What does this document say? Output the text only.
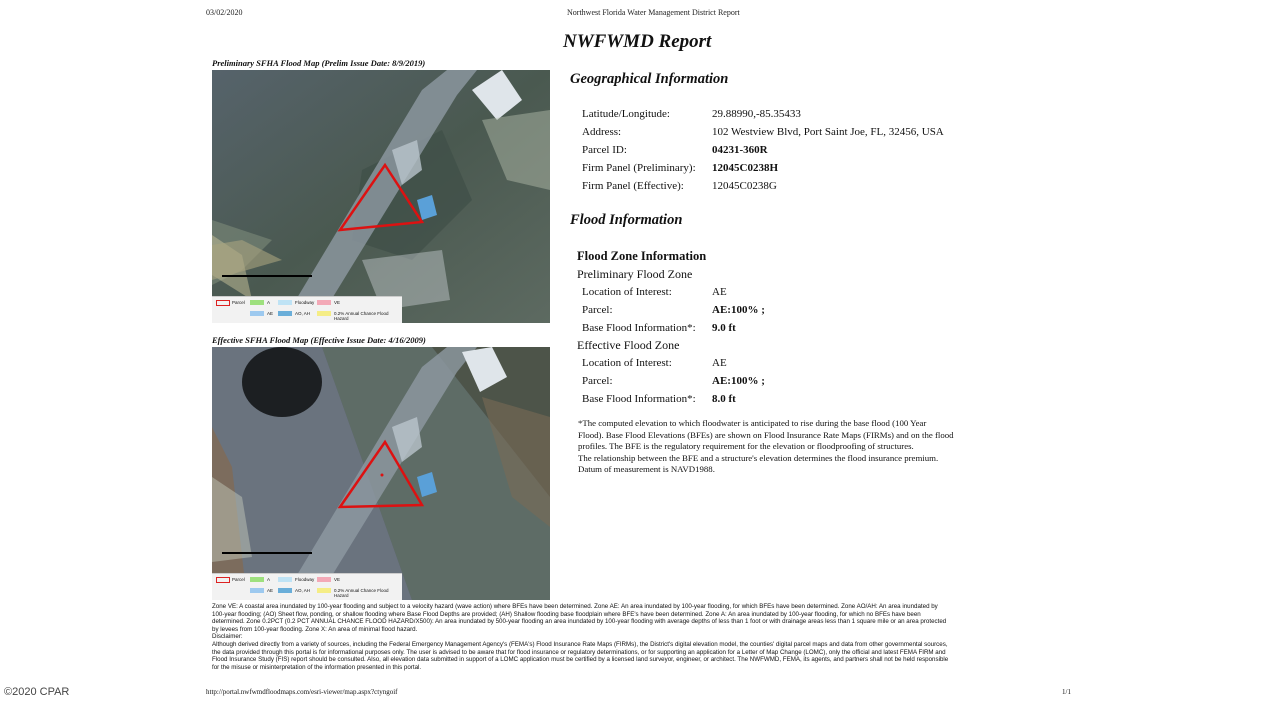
03/02/2020	Northwest Florida Water Management District Report
NWFWMD Report
Preliminary SFHA Flood Map (Prelim Issue Date: 8/9/2019)
Parcel	A	Floodway	VE
AE	AO, AH	0.2% Annual Chance Flood Hazard
Effective SFHA Flood Map (Effective Issue Date: 4/16/2009)
Parcel	A	Floodway	VE
AE	AO, AH	0.2% Annual Chance Flood Hazard
Geographical Information
Latitude/Longitude:	29.88990,-85.35433
Address:	102 Westview Blvd, Port Saint Joe, FL, 32456, USA
Parcel ID:	04231-360R
Firm Panel (Preliminary): 12045C0238H
Firm Panel (Effective):	12045C0238G
Flood Information
Flood Zone Information
Preliminary Flood Zone
Location of Interest:	AE
Parcel:	AE:100% ;
Base Flood Information*: 9.0 ft
Effective Flood Zone
Location of Interest:	AE
Parcel:	AE:100% ;
Base Flood Information*: 8.0 ft
*The computed elevation to which floodwater is anticipated to rise during the base flood (100 Year
Flood). Base Flood Elevations (BFEs) are shown on Flood Insurance Rate Maps (FIRMs) and on the flood
profiles. The BFE is the regulatory requirement for the elevation or floodproofing of structures.
The relationship between the BFE and a structure's elevation determines the flood insurance premium.
Datum of measurement is NAVD1988.
Zone VE: A coastal area inundated by 100-year flooding and subject to a velocity hazard (wave action) where BFEs have been determined. Zone AE: An area inundated by 100-year flooding, for which BFEs have been determined. Zone AO/AH: An area inundated by
100-year flooding; (AO) Sheet flow, ponding, or shallow flooding where Base Flood Depths are provided; (AH) Shallow flooding base floodplain where BFE's have been determined. Zone A: An area inundated by 100-year flooding, for which no BFEs have been
determined. Zone 0.2PCT (0.2 PCT ANNUAL CHANCE FLOOD HAZARD/X500): An area inundated by 500-year flooding an area inundated by 100-year flooding with average depths of less than 1 foot or with drainage areas less than 1 square mile or an area protected
by levees from 100-year flooding. Zone X: An area of minimal flood hazard.
Disclaimer:
Although derived directly from a variety of sources, including the Federal Emergency Management Agency's (FEMA's) Flood Insurance Rate Maps (FIRMs), the District's digital elevation model, the counties' digital parcel maps and data from other governmental sources,
the data provided through this portal is for informational purposes only. The user is advised to be aware that for flood insurance or regulatory determinations, or for supporting an application for a Letter of Map Change (LOMC), only the official and latest FEMA FIRM and
Flood Insurance Study (FIS) report should be consulted. Also, all elevation data submitted in support of a LOMC application must be certified by a licensed land surveyor, engineer, or architect. The NWFWMD, FEMA, its agents, and partners shall not be held responsible
for the misuse or misinterpretation of the information presented in this portal.
http://portal.nwfwmdfloodmaps.com/esri-viewer/map.aspx?ctyngoif	1/1
©2020 CPAR
